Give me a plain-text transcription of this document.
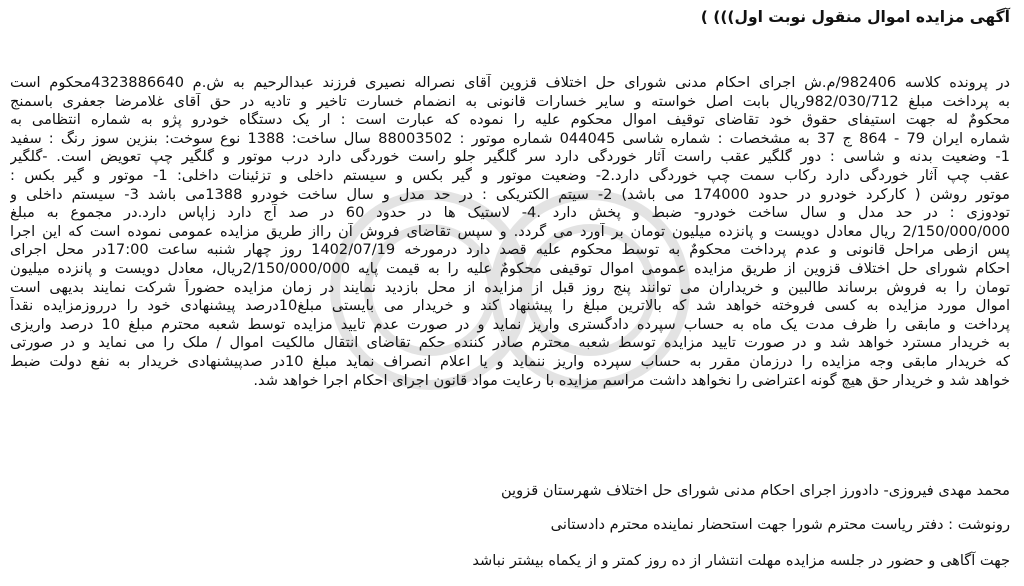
آگهی مزایده اموال منقول نوبت اول))) )
در پرونده کلاسه 982406/م.ش اجرای احکام مدنی شورای حل اختلاف قزوین آقای نصراله نصیری فرزند عبدالرحیم به ش.م 4323886640محکوم است
به پرداخت مبلغ 982/030/712ریال بابت اصل خواسته و سایر خسارات قانونی به انضمام خسارت تاخیر و تادیه در حق آقای غلامرضا جعفری باسمنج
محکومٌ له جهت استیفای حقوق خود تقاضای توقیف اموال محکوم علیه را نموده که عبارت است : ار یک دستگاه خودرو پژو به شماره انتظامی به
شماره ایران 79 - 864 ج 37 به مشخصات : شماره شاسی 044045 شماره موتور : 88003502 سال ساخت: 1388 نوع سوخت: بنزین سوز رنگ : سفید
1- وضعیت بدنه و شاسی : دور گلگیر عقب راست آثار خوردگی دارد سر گلگیر جلو راست خوردگی دارد درب موتور و گلگیر چپ تعویض است. -گلگیر
عقب چپ آثار خوردگی دارد رکاب سمت چپ خوردگی دارد.2- وضعیت موتور و گیر بکس و سیستم داخلی و تزئینات داخلی: 1- موتور و گیر بکس :
موتور روشن ( کارکرد خودرو در حدود 174000 می باشد) 2- سیتم الکتریکی : در حد مدل و سال ساخت خودرو 1388می باشد 3- سیستم داخلی و
تودوزی : در حد مدل و سال ساخت خودرو- ضبط و پخش دارد .4- لاستیک ها در حدود 60 در صد آج دارد زاپاس دارد.در مجموع به مبلغ
2/150/000/000 ریال معادل دویست و پانزده میلیون تومان بر آورد می گردد. و سپس تقاضای فروش آن رااز طریق مزایده عمومی نموده است که این اجرا
پس ازطی مراحل قانونی و عدم پرداخت محکومٌ به توسط محکوم علیه قصد دارد درمورخه 1402/07/19 روز چهار شنبه ساعت 17:00در محل اجرای
احکام شورای حل اختلاف قزوین از طریق مزایده عمومی اموال توقیفی محکومٌ علیه را به قیمت پایه 2/150/000/000ریال، معادل دویست و پانزده میلیون
تومان را به فروش برساند طالبین و خریداران می توانند پنج روز قبل از مزایده از محل بازدید نمایند در زمان مزایده حضوراً شرکت نمایند بدیهی است
اموال مورد مزایده به کسی فروخته خواهد شد که بالاترین مبلغ را پیشنهاد کند و خریدار می بایستی مبلغ10درصد پیشنهادی خود را درروزمزایده نقداً
پرداخت و مابقی را ظرف مدت یک ماه به حساب سپرده دادگستری واریز نماید و در صورت عدم تایید مزایده توسط شعبه محترم مبلغ 10 درصد واریزی
به خریدار مسترد خواهد شد و در صورت تایید مزایده توسط شعبه محترم صادر کننده حکم تقاضای انتقال مالکیت اموال / ملک را می نماید و در صورتی
که خریدار مابقی وجه مزایده را درزمان مقرر به حساب سپرده واریز ننماید و یا اعلام انصراف نماید مبلغ 10در صدپیشنهادی خریدار به نفع دولت ضبط
خواهد شد و خریدار حق هیچ گونه اعتراضی را نخواهد داشت مراسم مزایده با رعایت مواد قانون اجرای احکام اجرا خواهد شد.
محمد مهدی فیروزی- دادورز اجرای احکام مدنی شورای حل اختلاف شهرستان قزوین
رونوشت : دفتر ریاست محترم شورا جهت استحضار نماینده محترم دادستانی
جهت آگاهی و حضور در جلسه مزایده مهلت انتشار از ده روز کمتر و از یکماه بیشتر نباشد
